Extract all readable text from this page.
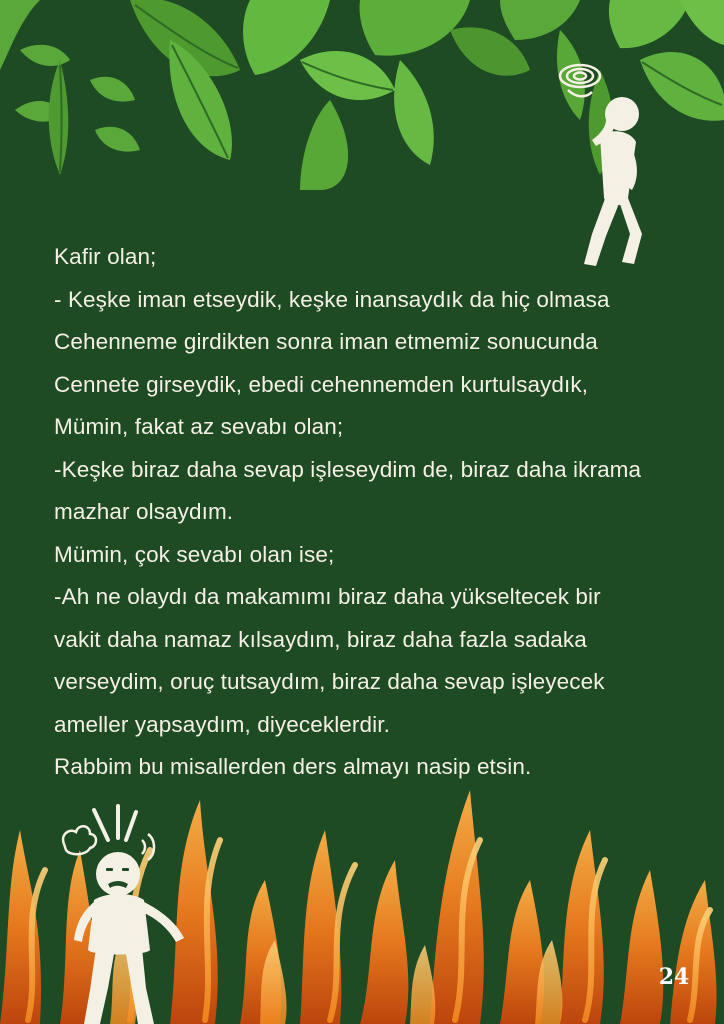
Kafir olan;
- Keşke iman etseydik, keşke inansaydık da hiç olmasa
Cehenneme girdikten sonra iman etmemiz sonucunda
Cennete girseydik, ebedi cehennemden kurtulsaydık,
Mümin, fakat az sevabı olan;
-Keşke biraz daha sevap işleseydim de, biraz daha ikrama
mazhar olsaydım.
Mümin, çok sevabı olan ise;
-Ah ne olaydı da makamımı biraz daha yükseltecek bir
vakit daha namaz kılsaydım, biraz daha fazla sadaka
verseydim, oruç tutsaydım, biraz daha sevap işleyecek
ameller yapsaydım, diyeceklerdir.
Rabbim bu misallerden ders almayı nasip etsin.
24
